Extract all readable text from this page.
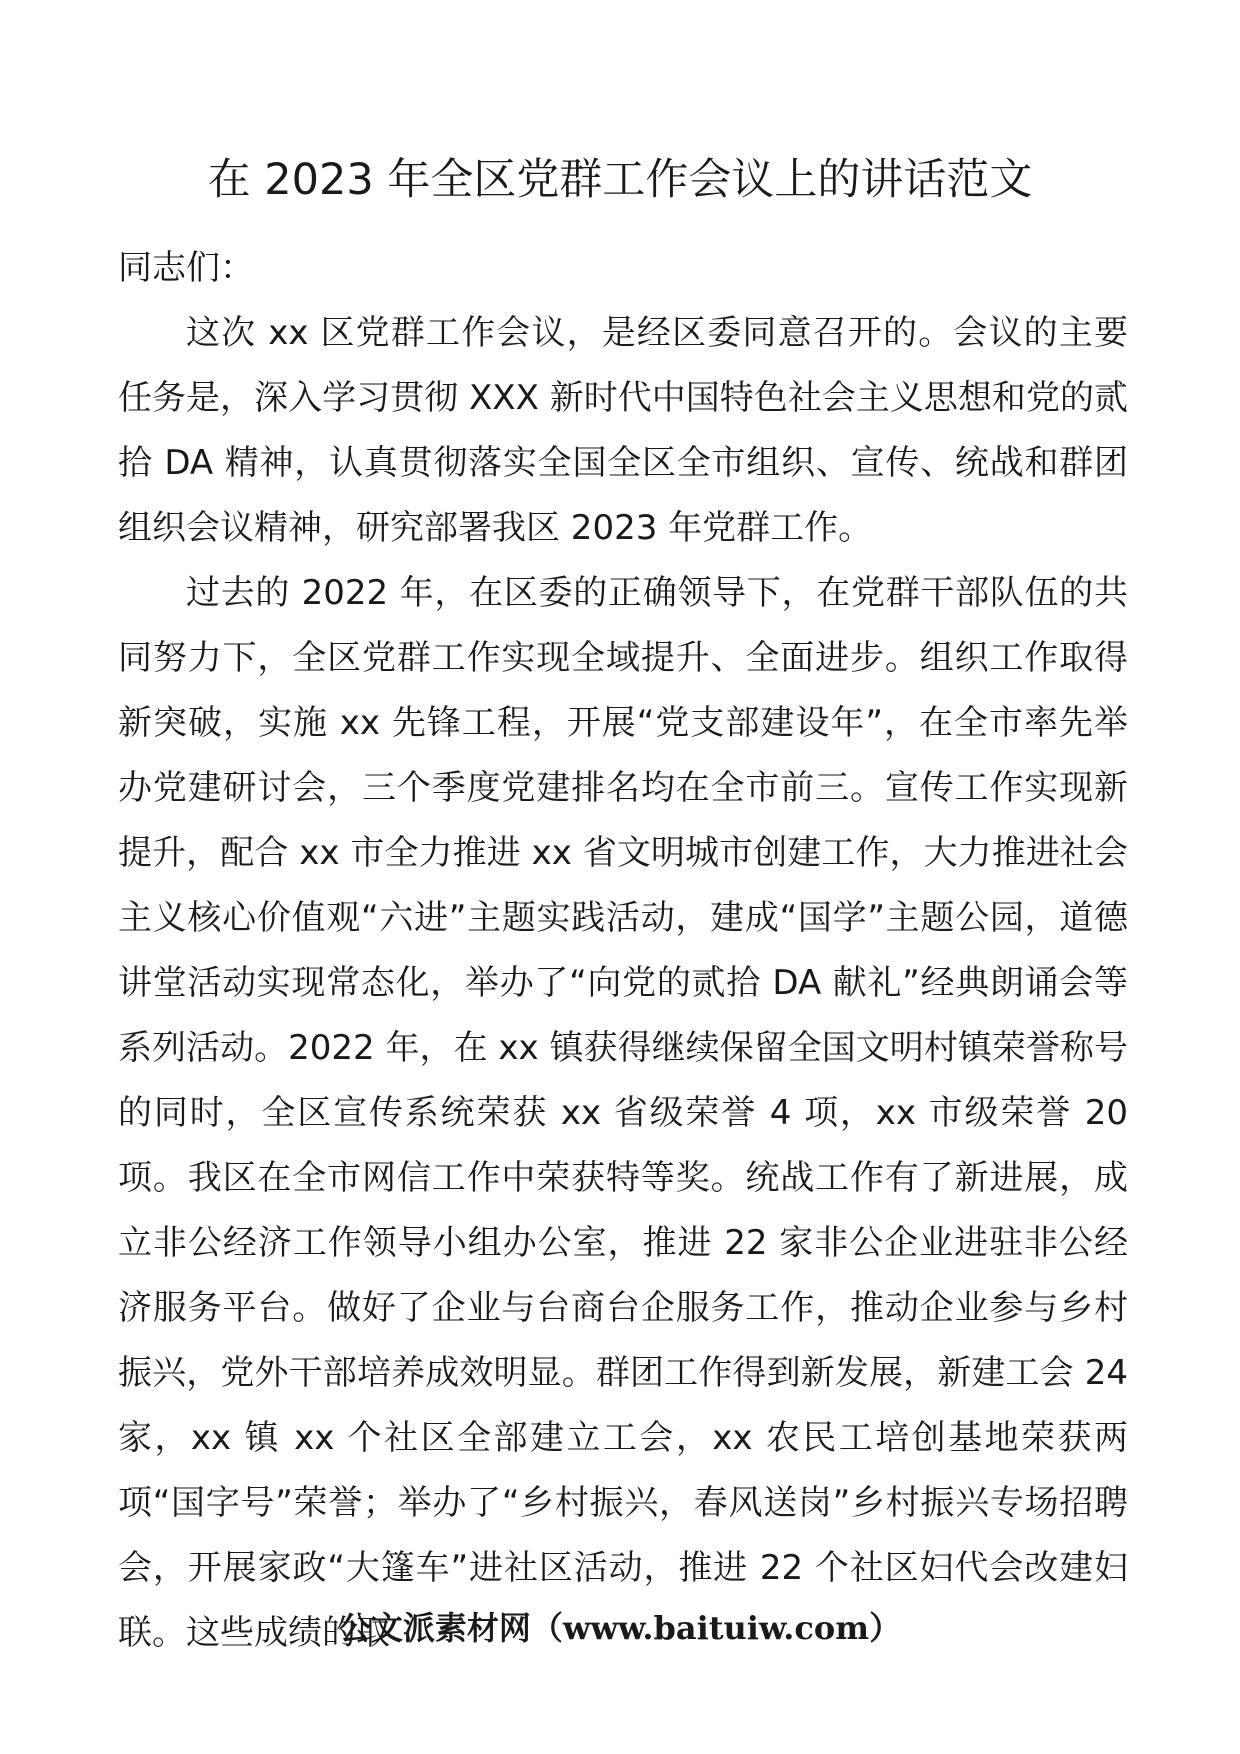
在 2023 年全区党群工作会议上的讲话范文

同志们：

这次 xx 区党群工作会议，是经区委同意召开的。会议的主要任务是，深入学习贯彻 XXX 新时代中国特色社会主义思想和党的贰拾 DA 精神，认真贯彻落实全国全区全市组织、宣传、统战和群团组织会议精神，研究部署我区 2023 年党群工作。

过去的 2022 年，在区委的正确领导下，在党群干部队伍的共同努力下，全区党群工作实现全域提升、全面进步。组织工作取得新突破，实施 xx 先锋工程，开展“党支部建设年”，在全市率先举办党建研讨会，三个季度党建排名均在全市前三。宣传工作实现新提升，配合 xx 市全力推进 xx 省文明城市创建工作，大力推进社会主义核心价值观“六进”主题实践活动，建成“国学”主题公园，道德讲堂活动实现常态化，举办了“向党的贰拾 DA 献礼”经典朗诵会等系列活动。2022 年，在 xx 镇获得继续保留全国文明村镇荣誉称号的同时，全区宣传系统荣获 xx 省级荣誉 4 项，xx 市级荣誉 20 项。我区在全市网信工作中荣获特等奖。统战工作有了新进展，成立非公经济工作领导小组办公室，推进 22 家非公企业进驻非公经济服务平台。做好了企业与台商台企服务工作，推动企业参与乡村振兴，党外干部培养成效明显。群团工作得到新发展，新建工会 24 家，xx 镇 xx 个社区全部建立工会，xx 农民工培创基地荣获两项“国字号”荣誉；举办了“乡村振兴，春风送岗”乡村振兴专场招聘会，开展家政“大篷车”进社区活动，推进 22 个社区妇代会改建妇联。这些成绩的取

公文派素材网（www.baituiw.com）
